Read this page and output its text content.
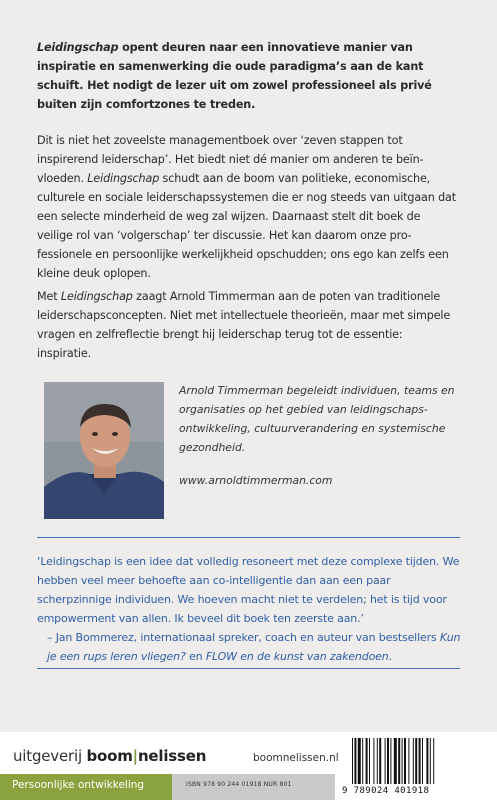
Leidingschap opent deuren naar een innovatieve manier van inspiratie en samenwerking die oude paradigma’s aan de kant schuift. Het nodigt de lezer uit om zowel professioneel als privé buiten zijn comfortzones te treden.
Dit is niet het zoveelste managementboek over ‘zeven stappen tot inspirerend leiderschap’. Het biedt niet dé manier om anderen te beïnvloeden. Leidingschap schudt aan de boom van politieke, economische, culturele en sociale leiderschapssystemen die er nog steeds van uitgaan dat een selecte minderheid de weg zal wijzen. Daarnaast stelt dit boek de veilige rol van ‘volgerschap’ ter discussie. Het kan daarom onze professionele en persoonlijke werkelijkheid opschudden; ons ego kan zelfs een kleine deuk oplopen.
Met Leidingschap zaagt Arnold Timmerman aan de poten van traditionele leiderschapsconcepten. Niet met intellectuele theorieën, maar met simpele vragen en zelfreflectie brengt hij leiderschap terug tot de essentie: inspiratie.
Arnold Timmerman begeleidt individuen, teams en organisaties op het gebied van leidingschapsontwikkeling, cultuurverandering en systemische gezondheid.
www.arnoldtimmerman.com
‘Leidingschap is een idee dat volledig resoneert met deze complexe tijden. We hebben veel meer behoefte aan co-intelligentie dan aan een paar scherpzinnige individuen. We hoeven macht niet te verdelen; het is tijd voor empowerment van allen. Ik beveel dit boek ten zeerste aan.’
– Jan Bommerez, internationaal spreker, coach en auteur van bestsellers Kun je een rups leren vliegen? en FLOW en de kunst van zakendoen.
uitgeverij boom|nelissen	boomnelissen.nl
Persoonlijke ontwikkeling	ISBN 978 90 244 01918 NUR 801
9 789024 401918
